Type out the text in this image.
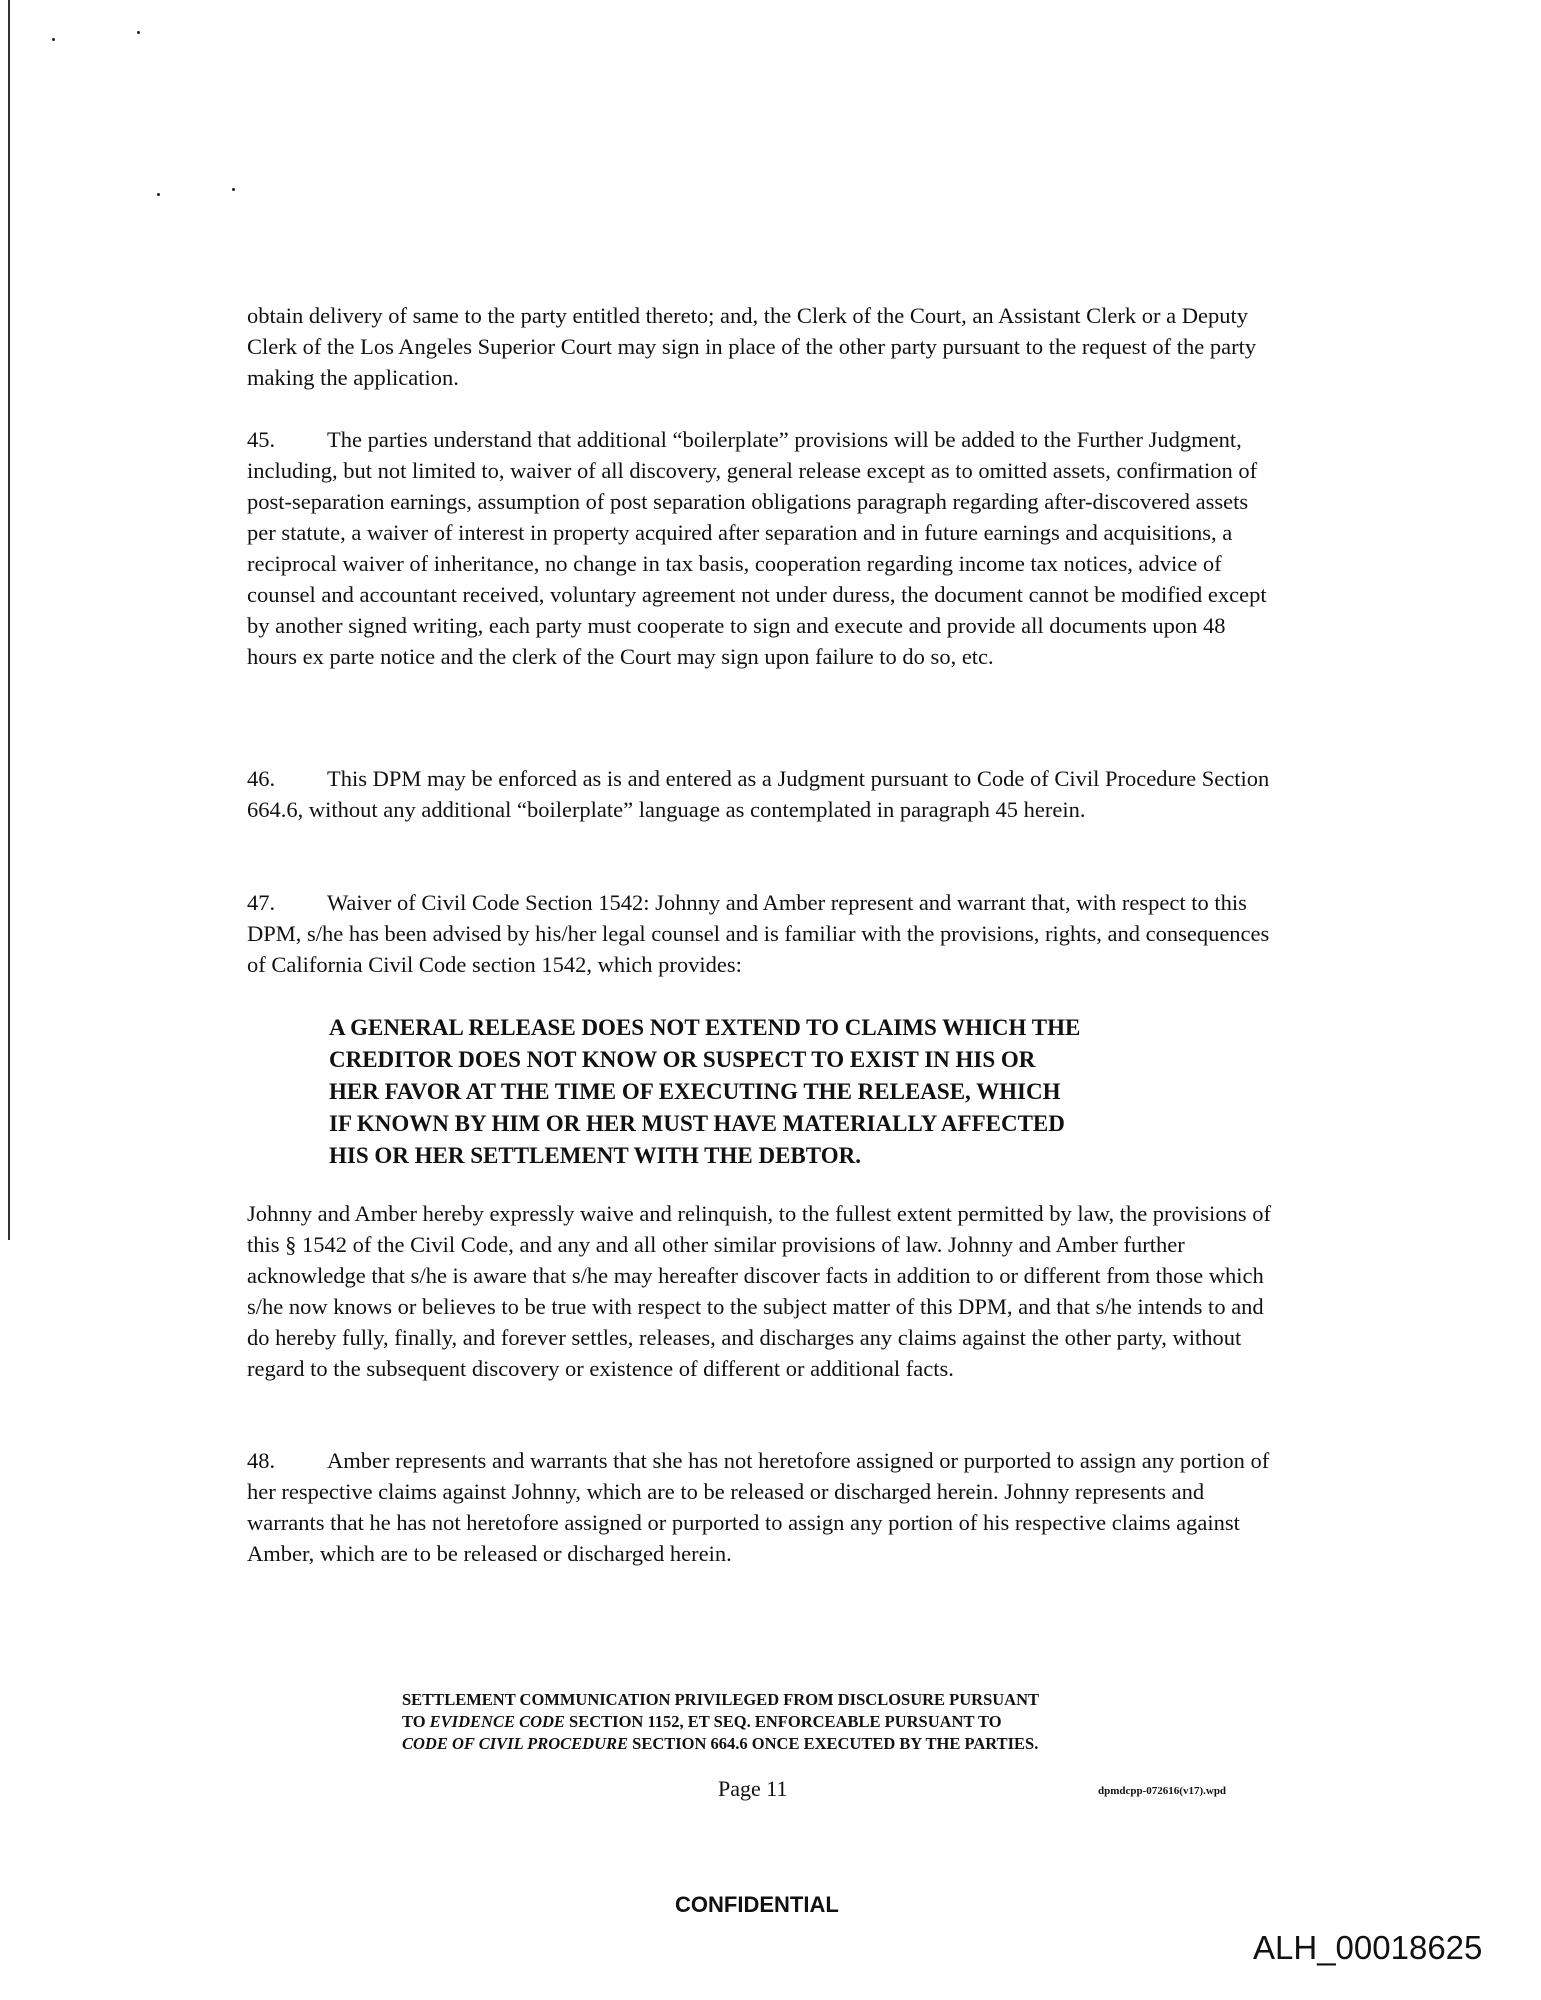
obtain delivery of same to the party entitled thereto; and, the Clerk of the Court, an Assistant Clerk or a Deputy Clerk of the Los Angeles Superior Court may sign in place of the other party pursuant to the request of the party making the application.

45. The parties understand that additional “boilerplate” provisions will be added to the Further Judgment, including, but not limited to, waiver of all discovery, general release except as to omitted assets, confirmation of post-separation earnings, assumption of post separation obligations paragraph regarding after-discovered assets per statute, a waiver of interest in property acquired after separation and in future earnings and acquisitions, a reciprocal waiver of inheritance, no change in tax basis, cooperation regarding income tax notices, advice of counsel and accountant received, voluntary agreement not under duress, the document cannot be modified except by another signed writing, each party must cooperate to sign and execute and provide all documents upon 48 hours ex parte notice and the clerk of the Court may sign upon failure to do so, etc.

46. This DPM may be enforced as is and entered as a Judgment pursuant to Code of Civil Procedure Section 664.6, without any additional “boilerplate” language as contemplated in paragraph 45 herein.

47. Waiver of Civil Code Section 1542: Johnny and Amber represent and warrant that, with respect to this DPM, s/he has been advised by his/her legal counsel and is familiar with the provisions, rights, and consequences of California Civil Code section 1542, which provides:

A GENERAL RELEASE DOES NOT EXTEND TO CLAIMS WHICH THE
CREDITOR DOES NOT KNOW OR SUSPECT TO EXIST IN HIS OR
HER FAVOR AT THE TIME OF EXECUTING THE RELEASE, WHICH
IF KNOWN BY HIM OR HER MUST HAVE MATERIALLY AFFECTED
HIS OR HER SETTLEMENT WITH THE DEBTOR.

Johnny and Amber hereby expressly waive and relinquish, to the fullest extent permitted by law, the provisions of this § 1542 of the Civil Code, and any and all other similar provisions of law. Johnny and Amber further acknowledge that s/he is aware that s/he may hereafter discover facts in addition to or different from those which s/he now knows or believes to be true with respect to the subject matter of this DPM, and that s/he intends to and do hereby fully, finally, and forever settles, releases, and discharges any claims against the other party, without regard to the subsequent discovery or existence of different or additional facts.

48. Amber represents and warrants that she has not heretofore assigned or purported to assign any portion of her respective claims against Johnny, which are to be released or discharged herein. Johnny represents and warrants that he has not heretofore assigned or purported to assign any portion of his respective claims against Amber, which are to be released or discharged herein.

SETTLEMENT COMMUNICATION PRIVILEGED FROM DISCLOSURE PURSUANT
TO EVIDENCE CODE SECTION 1152, ET SEQ. ENFORCEABLE PURSUANT TO
CODE OF CIVIL PROCEDURE SECTION 664.6 ONCE EXECUTED BY THE PARTIES.
Page 11	dpmdcpp-072616(v17).wpd
CONFIDENTIAL
ALH_00018625
